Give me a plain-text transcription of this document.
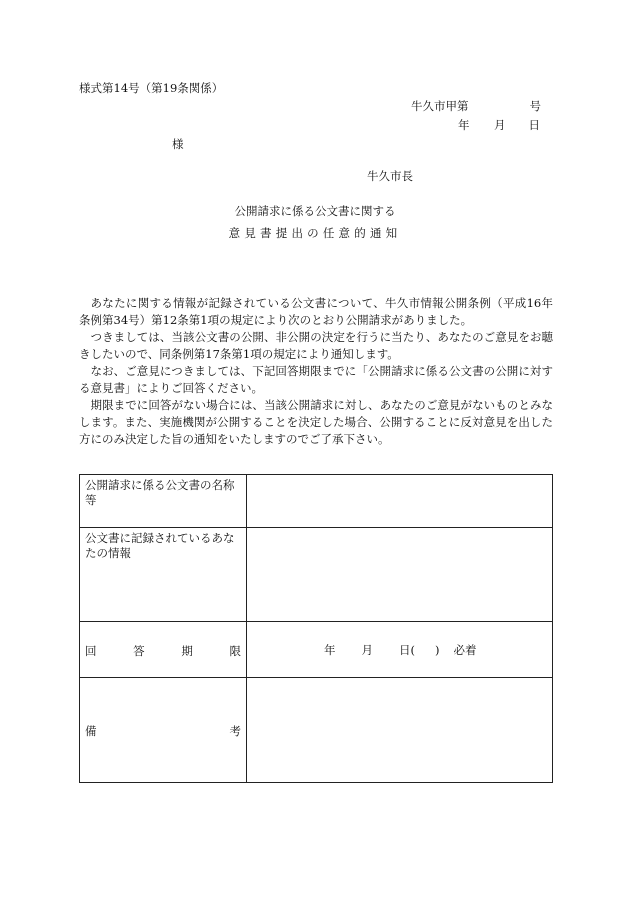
様式第14号（第19条関係）
牛久市甲第	号
年 月 日
様
牛久市長
公開請求に係る公文書に関する
意見書提出の任意的通知

あなたに関する情報が記録されている公文書について、牛久市情報公開条例（平成16年条例第34号）第12条第1項の規定により次のとおり公開請求がありました。

つきましては、当該公文書の公開、非公開の決定を行うに当たり、あなたのご意見をお聴きしたいので、同条例第17条第1項の規定により通知します。

なお、ご意見につきましては、下記回答期限までに「公開請求に係る公文書の公開に対する意見書」によりご回答ください。

期限までに回答がない場合には、当該公開請求に対し、あなたのご意見がないものとみなします。また、実施機関が公開することを決定した場合、公開することに反対意見を出した方にのみ決定した旨の通知をいたしますのでご了承下さい。

公開請求に係る公文書の名称等	
公文書に記録されているあなたの情報	

回 答 期 限	年 月 日( ) 必着

備 考	
